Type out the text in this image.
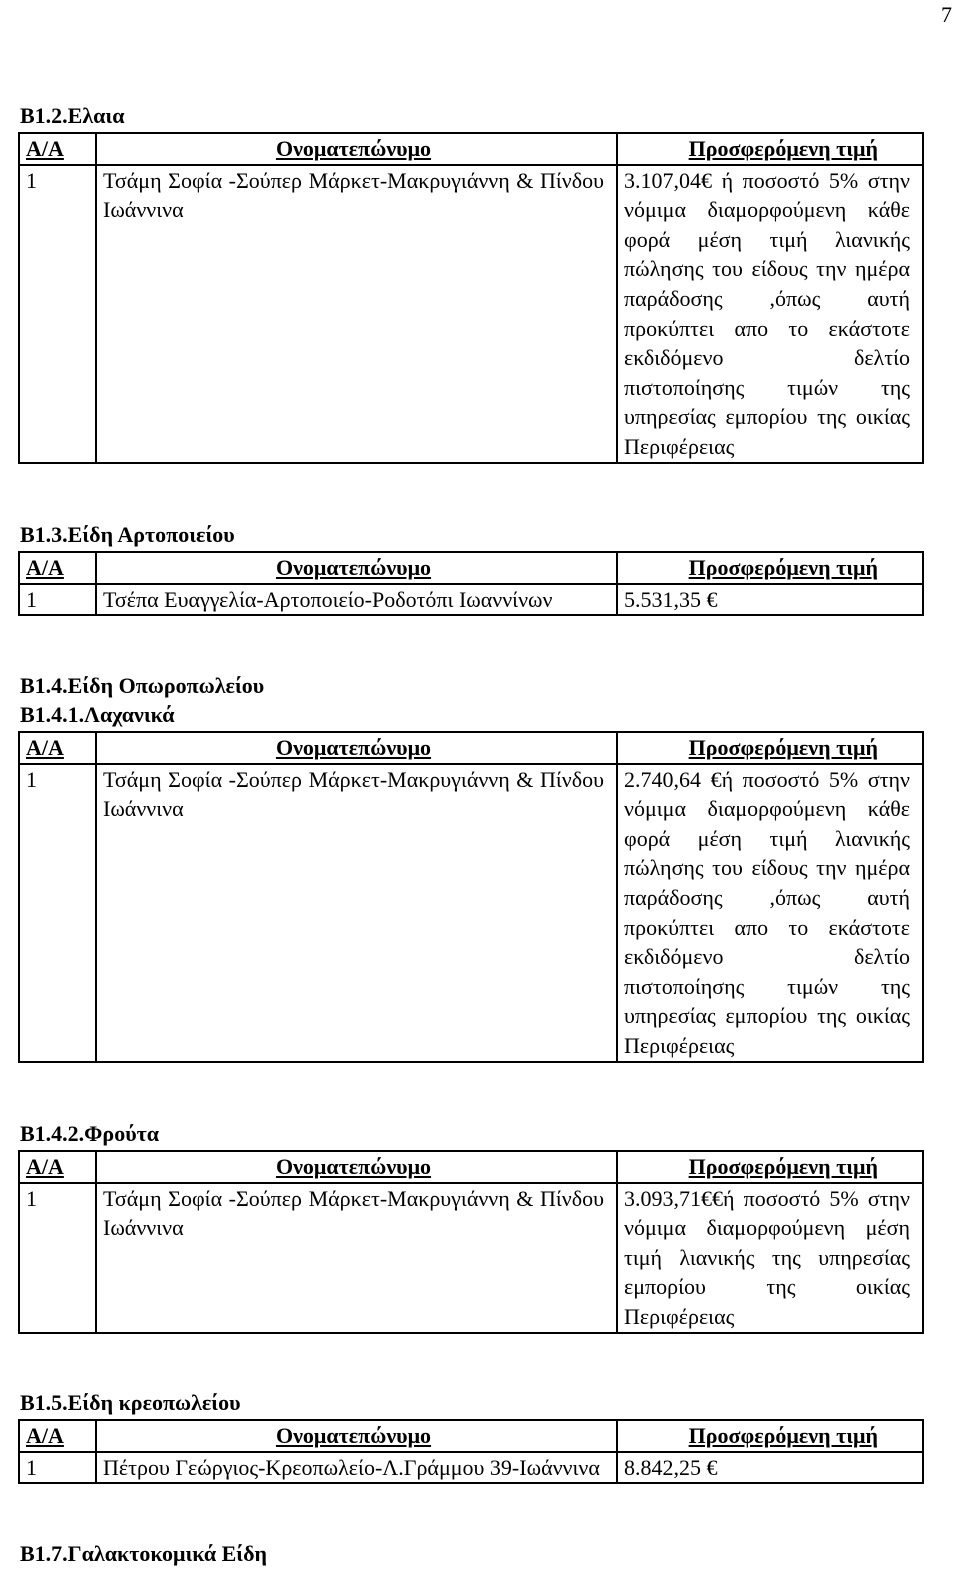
7
Β1.2.Ελαια
Α/Α	Ονοματεπώνυμο	Προσφερόμενη τιμή
1	Τσάμη Σοφία -Σούπερ Μάρκετ-Μακρυγιάννη & Πίνδου Ιωάννινα	3.107,04€ ή ποσοστό 5% στην νόμιμα διαμορφούμενη κάθε φορά μέση τιμή λιανικής πώλησης του είδους την ημέρα παράδοσης ,όπως αυτή προκύπτει απο το εκάστοτε εκδιδόμενο δελτίο πιστοποίησης τιμών της υπηρεσίας εμπορίου της οικίας Περιφέρειας
Β1.3.Είδη Αρτοποιείου
Α/Α	Ονοματεπώνυμο	Προσφερόμενη τιμή
1	Τσέπα Ευαγγελία-Αρτοποιείο-Ροδοτόπι Ιωαννίνων	5.531,35 €
Β1.4.Είδη Οπωροπωλείου
Β1.4.1.Λαχανικά
Α/Α	Ονοματεπώνυμο	Προσφερόμενη τιμή
1	Τσάμη Σοφία -Σούπερ Μάρκετ-Μακρυγιάννη & Πίνδου Ιωάννινα	2.740,64 €ή ποσοστό 5% στην νόμιμα διαμορφούμενη κάθε φορά μέση τιμή λιανικής πώλησης του είδους την ημέρα παράδοσης ,όπως αυτή προκύπτει απο το εκάστοτε εκδιδόμενο δελτίο πιστοποίησης τιμών της υπηρεσίας εμπορίου της οικίας Περιφέρειας
Β1.4.2.Φρούτα
Α/Α	Ονοματεπώνυμο	Προσφερόμενη τιμή
1	Τσάμη Σοφία -Σούπερ Μάρκετ-Μακρυγιάννη & Πίνδου Ιωάννινα	3.093,71€€ή ποσοστό 5% στην νόμιμα διαμορφούμενη μέση τιμή λιανικής της υπηρεσίας εμπορίου της οικίας Περιφέρειας
Β1.5.Είδη κρεοπωλείου
Α/Α	Ονοματεπώνυμο	Προσφερόμενη τιμή
1	Πέτρου Γεώργιος-Κρεοπωλείο-Λ.Γράμμου 39-Ιωάννινα	8.842,25 €
Β1.7.Γαλακτοκομικά Είδη
